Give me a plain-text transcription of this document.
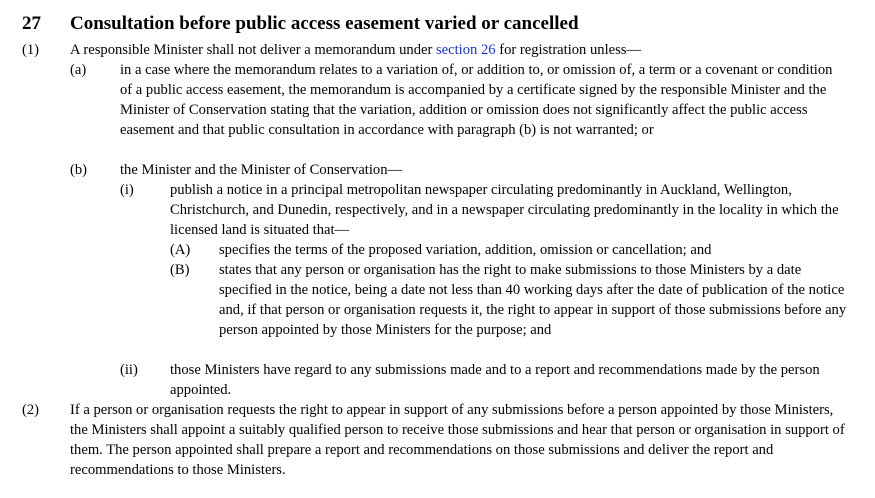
27 Consultation before public access easement varied or cancelled
(1) A responsible Minister shall not deliver a memorandum under section 26 for registration unless—
(a) in a case where the memorandum relates to a variation of, or addition to, or omission of, a term or a covenant or condition of a public access easement, the memorandum is accompanied by a certificate signed by the responsible Minister and the Minister of Conservation stating that the variation, addition or omission does not significantly affect the public access easement and that public consultation in accordance with paragraph (b) is not warranted; or
(b) the Minister and the Minister of Conservation—
(i) publish a notice in a principal metropolitan newspaper circulating predominantly in Auckland, Wellington, Christchurch, and Dunedin, respectively, and in a newspaper circulating predominantly in the locality in which the licensed land is situated that—
(A) specifies the terms of the proposed variation, addition, omission or cancellation; and
(B) states that any person or organisation has the right to make submissions to those Ministers by a date specified in the notice, being a date not less than 40 working days after the date of publication of the notice and, if that person or organisation requests it, the right to appear in support of those submissions before any person appointed by those Ministers for the purpose; and
(ii) those Ministers have regard to any submissions made and to a report and recommendations made by the person appointed.
(2) If a person or organisation requests the right to appear in support of any submissions before a person appointed by those Ministers, the Ministers shall appoint a suitably qualified person to receive those submissions and hear that person or organisation in support of them. The person appointed shall prepare a report and recommendations on those submissions and deliver the report and recommendations to those Ministers.
